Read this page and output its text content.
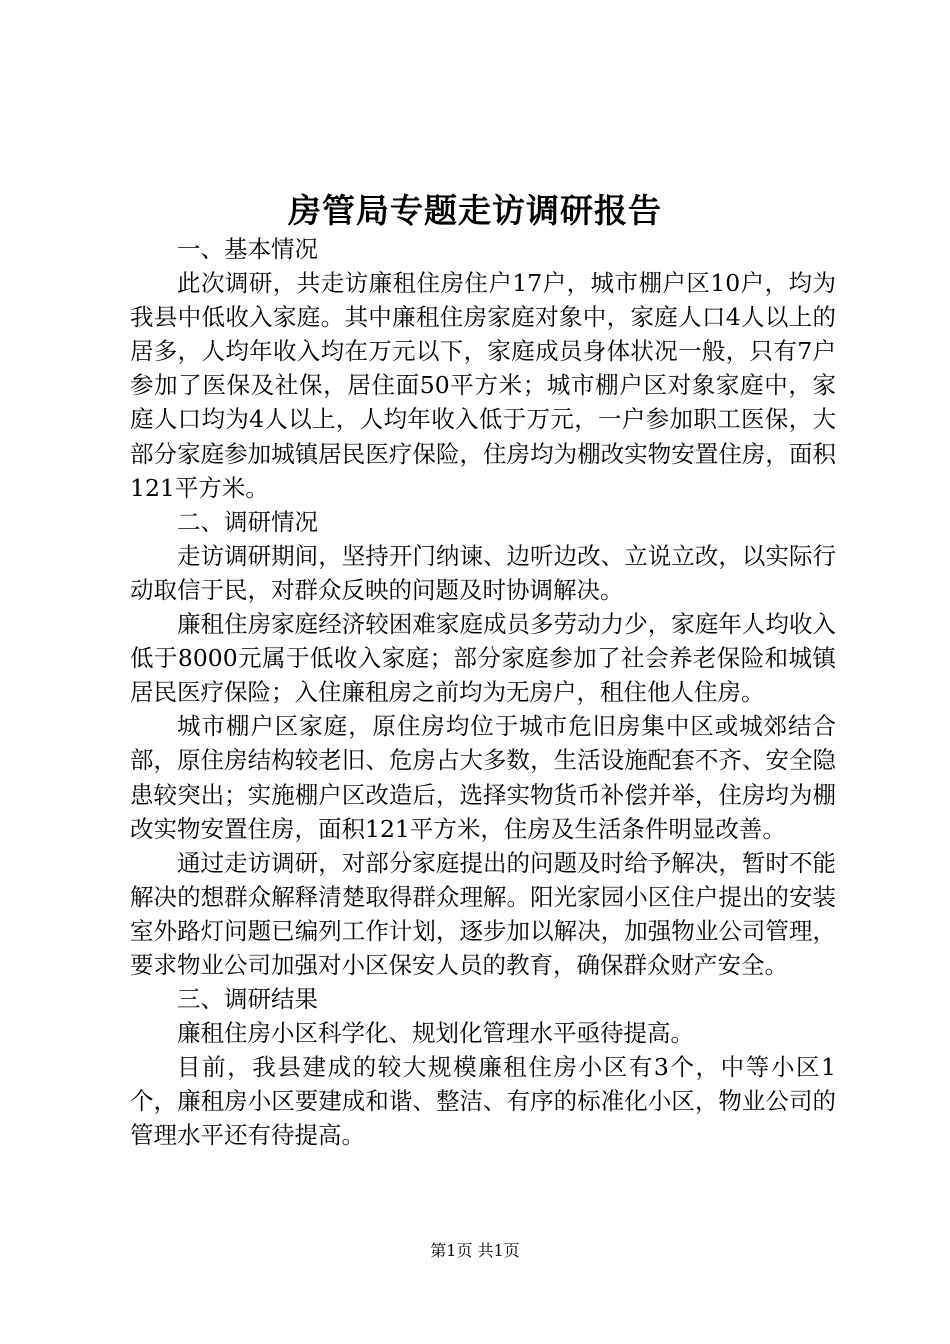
房管局专题走访调研报告

一、基本情况

此次调研，共走访廉租住房住户17户，城市棚户区10户，均为我县中低收入家庭。其中廉租住房家庭对象中，家庭人口4人以上的居多，人均年收入均在万元以下，家庭成员身体状况一般，只有7户参加了医保及社保，居住面50平方米；城市棚户区对象家庭中，家庭人口均为4人以上，人均年收入低于万元，一户参加职工医保，大部分家庭参加城镇居民医疗保险，住房均为棚改实物安置住房，面积121平方米。

二、调研情况

走访调研期间，坚持开门纳谏、边听边改、立说立改，以实际行动取信于民，对群众反映的问题及时协调解决。

廉租住房家庭经济较困难家庭成员多劳动力少，家庭年人均收入低于8000元属于低收入家庭；部分家庭参加了社会养老保险和城镇居民医疗保险；入住廉租房之前均为无房户，租住他人住房。

城市棚户区家庭，原住房均位于城市危旧房集中区或城郊结合部，原住房结构较老旧、危房占大多数，生活设施配套不齐、安全隐患较突出；实施棚户区改造后，选择实物货币补偿并举，住房均为棚改实物安置住房，面积121平方米，住房及生活条件明显改善。

通过走访调研，对部分家庭提出的问题及时给予解决，暂时不能解决的想群众解释清楚取得群众理解。阳光家园小区住户提出的安装室外路灯问题已编列工作计划，逐步加以解决，加强物业公司管理，要求物业公司加强对小区保安人员的教育，确保群众财产安全。

三、调研结果

廉租住房小区科学化、规划化管理水平亟待提高。

目前，我县建成的较大规模廉租住房小区有3个，中等小区1个，廉租房小区要建成和谐、整洁、有序的标准化小区，物业公司的管理水平还有待提高。

第1页 共1页
